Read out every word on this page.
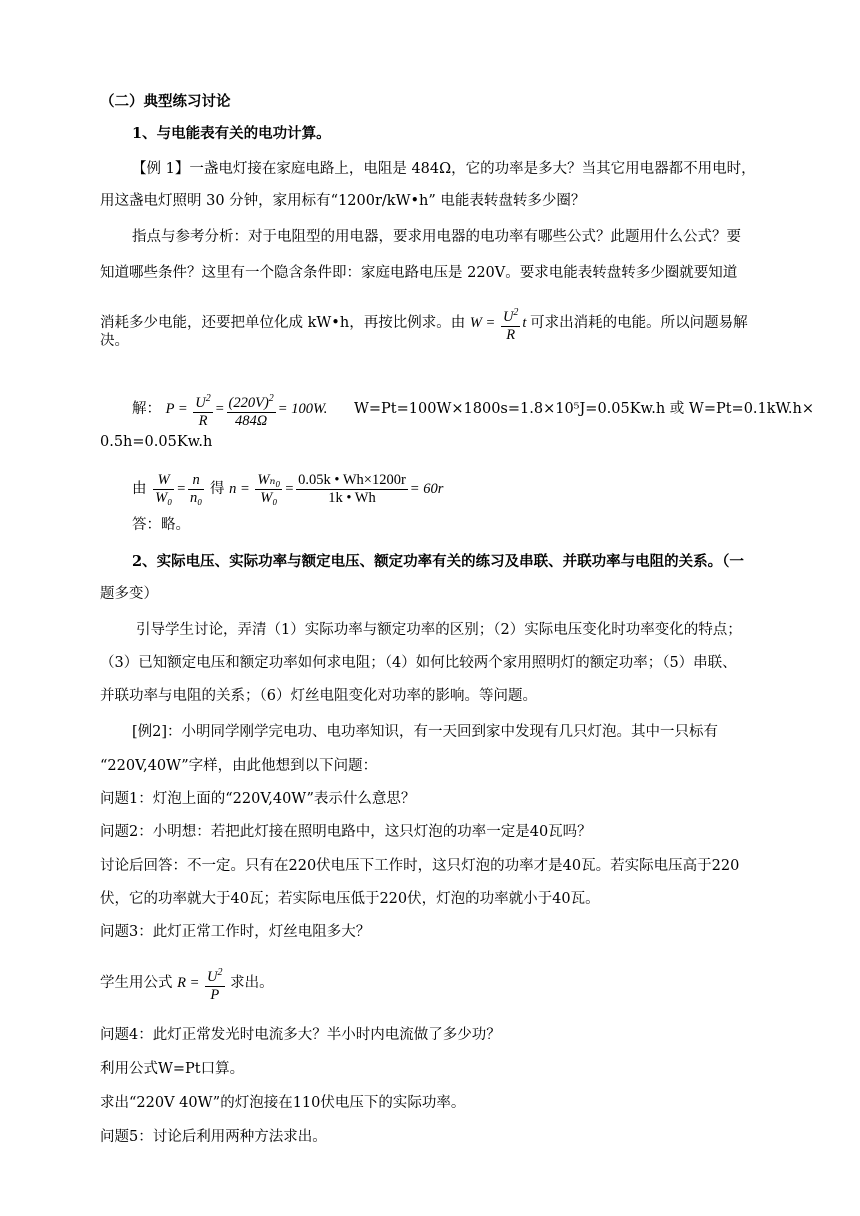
（二）典型练习讨论
1、与电能表有关的电功计算。
【例 1】一盏电灯接在家庭电路上，电阻是 484Ω，它的功率是多大？当其它用电器都不用电时，
用这盏电灯照明 30 分钟，家用标有“1200r/kW•h” 电能表转盘转多少圈？
指点与参考分析：对于电阻型的用电器，要求用电器的电功率有哪些公式？此题用什么公式？要
知道哪些条件？这里有一个隐含条件即：家庭电路电压是 220V。要求电能表转盘转多少圈就要知道
消耗多少电能，还要把单位化成 kW•h，再按比例求。由 $W = \frac{U^2}{R}$ t 可求出消耗的电能。所以问题易解
决。
解： $P = \frac{U^2}{R} = \frac{(220V)^2}{484\Omega} = 100W$. W=Pt=100W×1800s=1.8×10⁵J=0.05Kw.h 或 W=Pt=0.1kW.h×
0.5h=0.05Kw.h
由 $\frac{W}{\text{W₀}} = \frac{n}{\text{n₀}}$ 得 $n = \frac{\text{Wₙ₀}}{\text{W₀}} = \frac{0.05k • Wh\times 1200r}{1k • Wh} = 60r$
答：略。
2、实际电压、实际功率与额定电压、额定功率有关的练习及串联、并联功率与电阻的关系。（一
题多变）
引导学生讨论，弄清（1）实际功率与额定功率的区别；（2）实际电压变化时功率变化的特点；
（3）已知额定电压和额定功率如何求电阻；（4）如何比较两个家用照明灯的额定功率；（5）串联、
并联功率与电阻的关系；（6）灯丝电阻变化对功率的影响。等问题。
[例2]：小明同学刚学完电功、电功率知识，有一天回到家中发现有几只灯泡。其中一只标有
“220V,40W”字样，由此他想到以下问题：
问题1：灯泡上面的“220V,40W”表示什么意思？
问题2：小明想：若把此灯接在照明电路中，这只灯泡的功率一定是40瓦吗？
讨论后回答：不一定。只有在220伏电压下工作时，这只灯泡的功率才是40瓦。若实际电压高于220
伏，它的功率就大于40瓦；若实际电压低于220伏，灯泡的功率就小于40瓦。
问题3：此灯正常工作时，灯丝电阻多大？
学生用公式 $R = \frac{U^2}{P}$ 求出。
问题4：此灯正常发光时电流多大？半小时内电流做了多少功？
利用公式W=Pt口算。
求出“220V 40W”的灯泡接在110伏电压下的实际功率。
问题5：讨论后利用两种方法求出。
